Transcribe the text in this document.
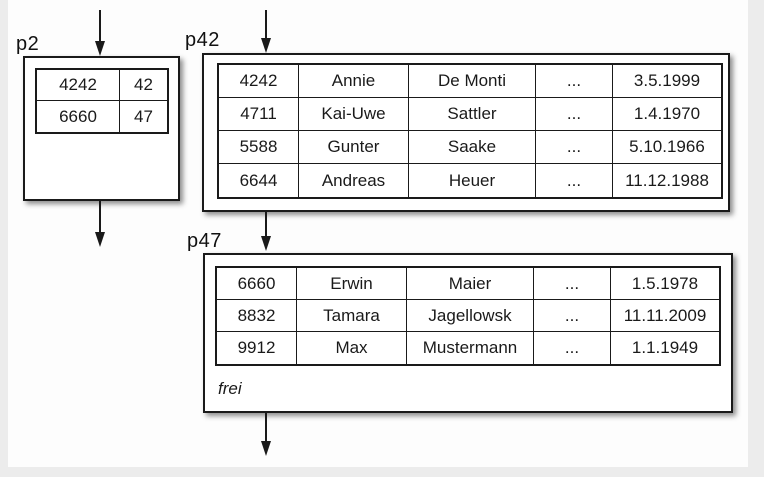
p2
4242	42
6660	47
p42
4242	Annie	De Monti	...	3.5.1999
4711	Kai-Uwe	Sattler	...	1.4.1970
5588	Gunter	Saake	...	5.10.1966
6644	Andreas	Heuer	...	11.12.1988
p47
6660	Erwin	Maier	...	1.5.1978
8832	Tamara	Jagellowsk	...	11.11.2009
9912	Max	Mustermann	...	1.1.1949
frei
